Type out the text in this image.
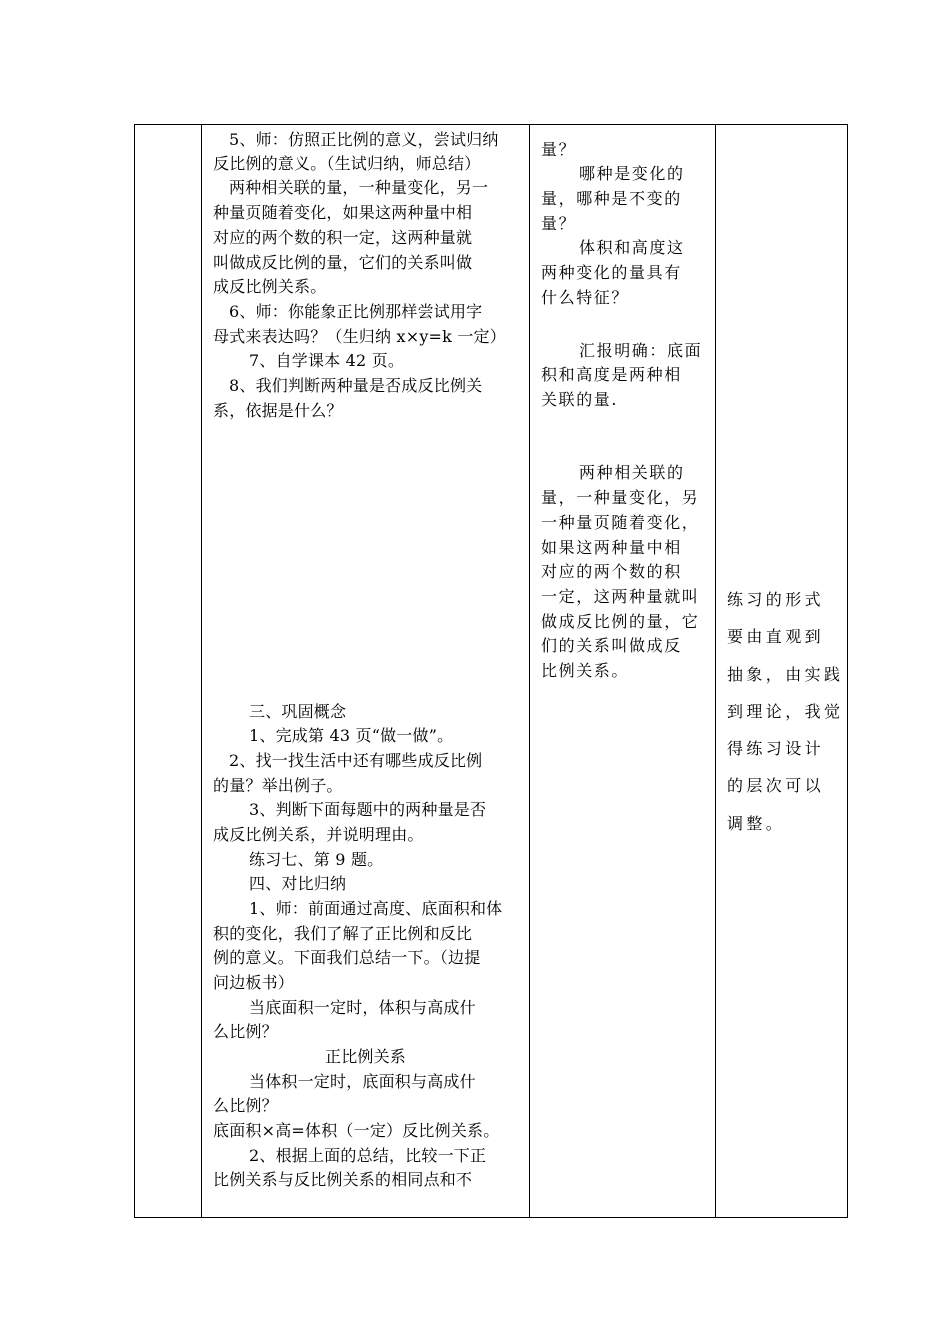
5、师：仿照正比例的意义，尝试归纳
反比例的意义。（生试归纳，师总结）
两种相关联的量，一种量变化，另一
种量页随着变化，如果这两种量中相
对应的两个数的积一定，这两种量就
叫做成反比例的量，它们的关系叫做
成反比例关系。
6、师：你能象正比例那样尝试用字
母式来表达吗？（生归纳 x×y=k 一定）
7、自学课本 42 页。
8、我们判断两种量是否成反比例关
系，依据是什么？
三、巩固概念
1、完成第 43 页“做一做”。
2、找一找生活中还有哪些成反比例
的量？举出例子。
3、判断下面每题中的两种量是否
成反比例关系，并说明理由。
练习七、第 9 题。
四、对比归纳
1、师：前面通过高度、底面积和体
积的变化，我们了解了正比例和反比
例的意义。下面我们总结一下。（边提
问边板书）
当底面积一定时，体积与高成什
么比例？
正比例关系
当体积一定时，底面积与高成什
么比例？
底面积×高=体积（一定）反比例关系。
2、根据上面的总结，比较一下正
比例关系与反比例关系的相同点和不
量？
哪种是变化的
量，哪种是不变的
量？
体积和高度这
两种变化的量具有
什么特征？
汇报明确：底面
积和高度是两种相
关联的量.
两种相关联的
量，一种量变化，另
一种量页随着变化，
如果这两种量中相
对应的两个数的积
一定，这两种量就叫
做成反比例的量，它
们的关系叫做成反
比例关系。
练习的形式
要由直观到
抽象，由实践
到理论，我觉
得练习设计
的层次可以
调整。
